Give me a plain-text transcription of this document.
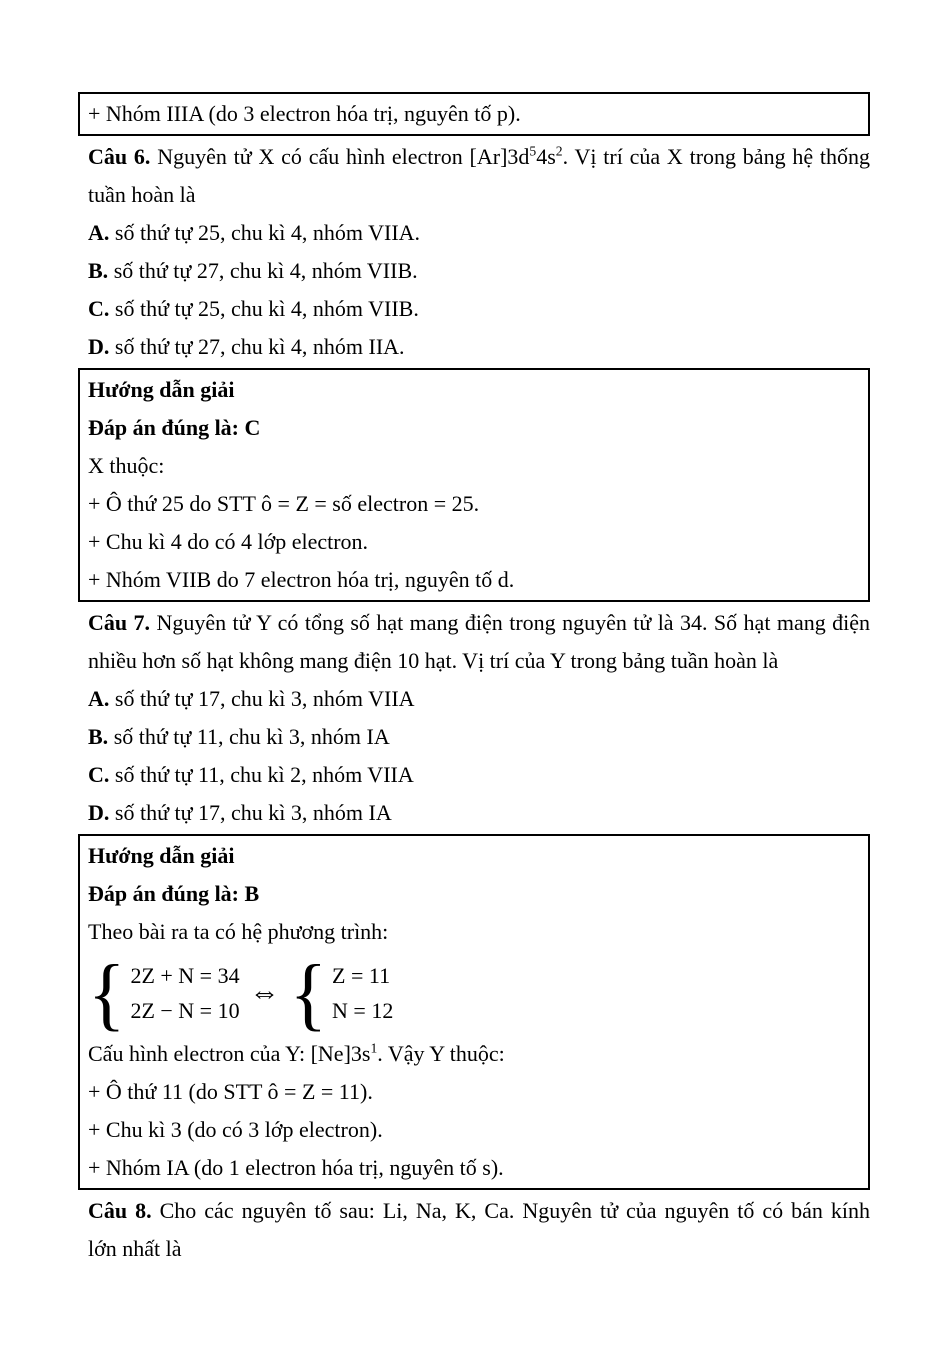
+ Nhóm IIIA (do 3 electron hóa trị, nguyên tố p).
Câu 6. Nguyên tử X có cấu hình electron $[Ar]3d^54s^2$. Vị trí của X trong bảng hệ thống
tuần hoàn là
A. số thứ tự 25, chu kì 4, nhóm VIIA.
B. số thứ tự 27, chu kì 4, nhóm VIIB.
C. số thứ tự 25, chu kì 4, nhóm VIIB.
D. số thứ tự 27, chu kì 4, nhóm IIA.
Hướng dẫn giải
Đáp án đúng là: C
X thuộc:
+ Ô thứ 25 do STT ô = Z = số electron = 25.
+ Chu kì 4 do có 4 lớp electron.
+ Nhóm VIIB do 7 electron hóa trị, nguyên tố d.
Câu 7. Nguyên tử Y có tổng số hạt mang điện trong nguyên tử là 34. Số hạt mang điện
nhiều hơn số hạt không mang điện 10 hạt. Vị trí của Y trong bảng tuần hoàn là
A. số thứ tự 17, chu kì 3, nhóm VIIA
B. số thứ tự 11, chu kì 3, nhóm IA
C. số thứ tự 11, chu kì 2, nhóm VIIA
D. số thứ tự 17, chu kì 3, nhóm IA
Hướng dẫn giải
Đáp án đúng là: B
Theo bài ra ta có hệ phương trình:
{ 2Z + N = 34
2Z − N = 10
⇔ { Z = 11
N = 12
Cấu hình electron của Y: $[Ne]3s^1$. Vậy Y thuộc:
+ Ô thứ 11 (do STT ô = Z = 11).
+ Chu kì 3 (do có 3 lớp electron).
+ Nhóm IA (do 1 electron hóa trị, nguyên tố s).
Câu 8. Cho các nguyên tố sau: Li, Na, K, Ca. Nguyên tử của nguyên tố có bán kính
lớn nhất là
